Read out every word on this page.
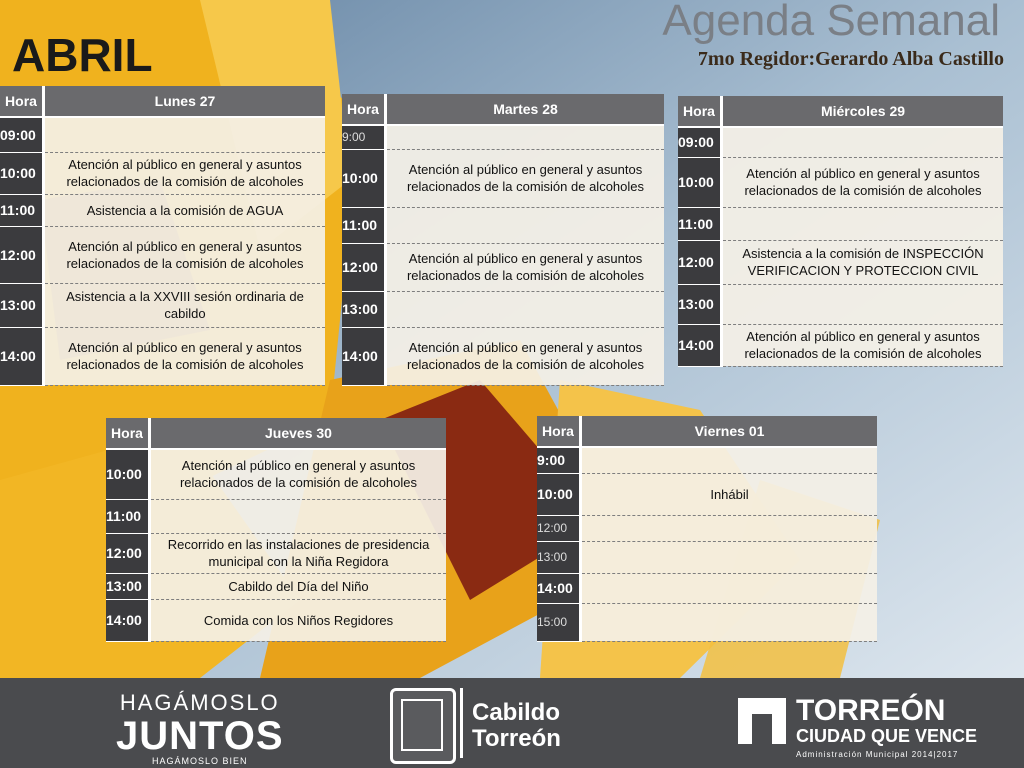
Agenda Semanal
7mo Regidor:Gerardo Alba Castillo
ABRIL
Hora	Lunes 27
09:00	
10:00	Atención al público en general y asuntos relacionados de la comisión de alcoholes
11:00	Asistencia a la comisión de AGUA
12:00	Atención al público en general y asuntos relacionados de la comisión de alcoholes
13:00	Asistencia a la XXVIII sesión ordinaria de cabildo
14:00	Atención al público en general y asuntos relacionados de la comisión de alcoholes
Hora	Martes 28
9:00	
10:00	Atención al público en general y asuntos relacionados de la comisión de alcoholes
11:00	
12:00	Atención al público en general y asuntos relacionados de la comisión de alcoholes
13:00	
14:00	Atención al público en general y asuntos relacionados de la comisión de alcoholes
Hora	Miércoles 29
09:00	
10:00	Atención al público en general y asuntos relacionados de la comisión de alcoholes
11:00	
12:00	Asistencia a la comisión de INSPECCIÓN VERIFICACION Y PROTECCION CIVIL
13:00	
14:00	Atención al público en general y asuntos relacionados de la comisión de alcoholes
Hora	Jueves 30
10:00	Atención al público en general y asuntos relacionados de la comisión de alcoholes
11:00	
12:00	Recorrido en las instalaciones de presidencia municipal con la Niña Regidora
13:00	Cabildo del Día del Niño
14:00	Comida con los Niños Regidores
Hora	Viernes 01
9:00	
10:00	Inhábil
12:00	
13:00	
14:00	
15:00	
HAGÁMOSLO
JUNTOS
HAGÁMOSLO BIEN
Cabildo
Torreón
TORREÓN
CIUDAD QUE VENCE
Administración Municipal 2014|2017
